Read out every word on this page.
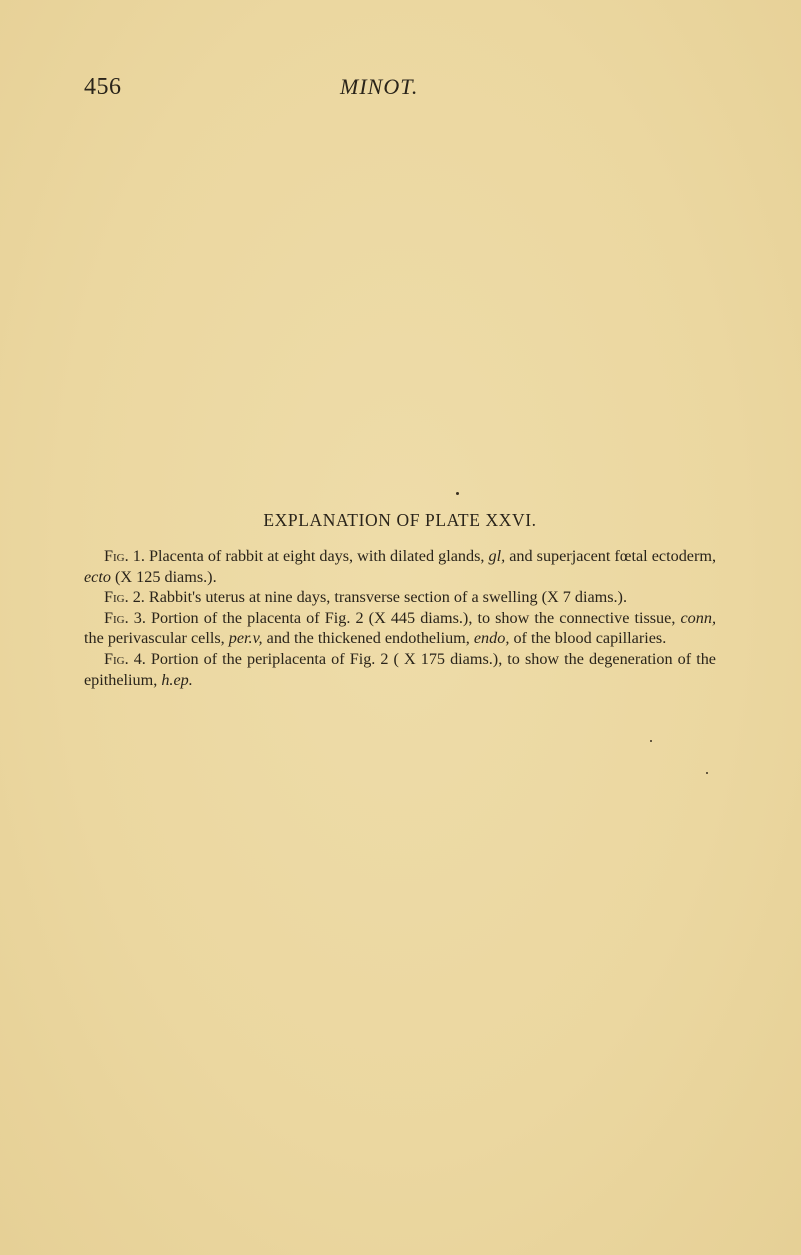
456	MINOT.
EXPLANATION OF PLATE XXVI.

Fig. 1. Placenta of rabbit at eight days, with dilated glands, gl, and superjacent fœtal ectoderm, ecto (X 125 diams.).

Fig. 2. Rabbit's uterus at nine days, transverse section of a swelling (X 7 diams.).

Fig. 3. Portion of the placenta of Fig. 2 (X 445 diams.), to show the connective tissue, conn, the perivascular cells, per.v, and the thickened endothelium, endo, of the blood capillaries.

Fig. 4. Portion of the periplacenta of Fig. 2 ( X 175 diams.), to show the degeneration of the epithelium, h.ep.
